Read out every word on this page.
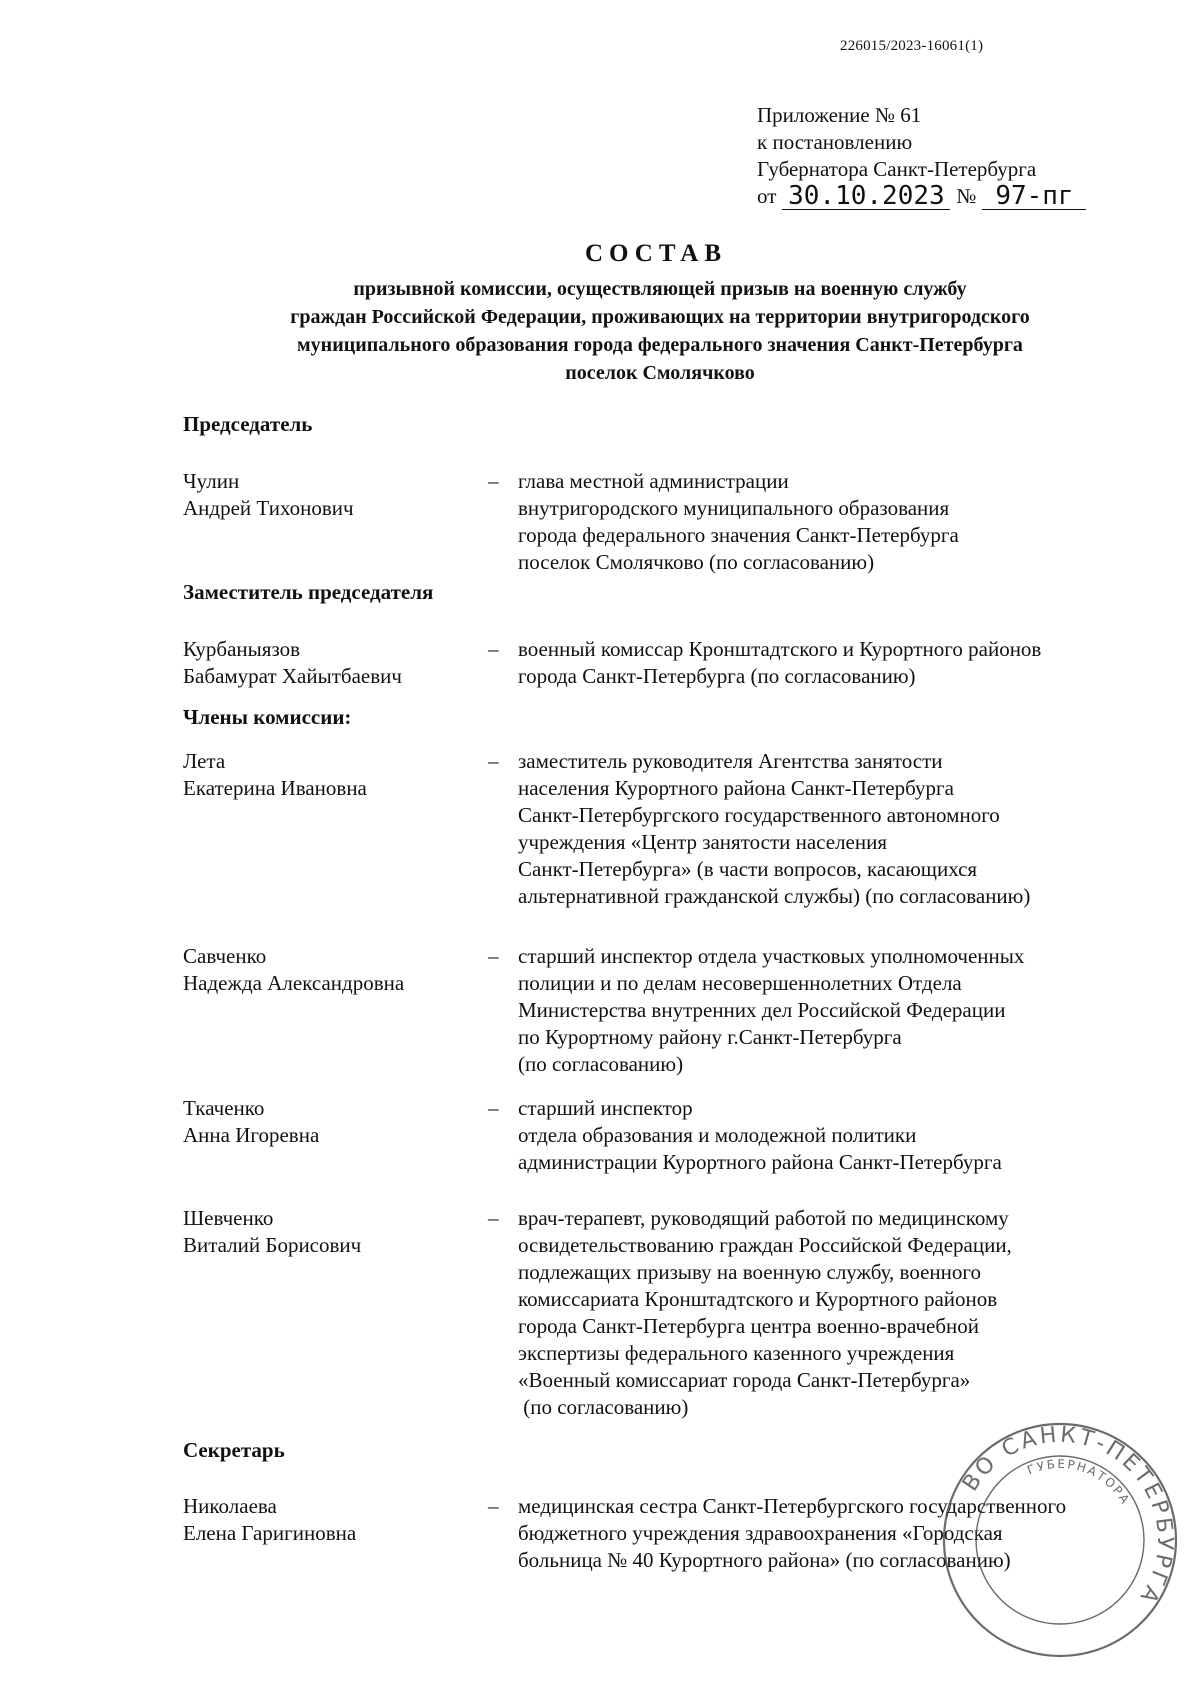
226015/2023-16061(1)
Приложение № 61
к постановлению
Губернатора Санкт-Петербурга
от 30.10.2023 № 97-пг
СОСТАВ
призывной комиссии, осуществляющей призыв на военную службу
граждан Российской Федерации, проживающих на территории внутригородского
муниципального образования города федерального значения Санкт-Петербурга
поселок Смолячково
Председатель
Чулин
Андрей Тихонович
– глава местной администрации
внутригородского муниципального образования
города федерального значения Санкт-Петербурга
поселок Смолячково (по согласованию)
Заместитель председателя
Курбаныязов
Бабамурат Хайытбаевич
– военный комиссар Кронштадтского и Курортного районов
города Санкт-Петербурга (по согласованию)
Члены комиссии:
Лета
Екатерина Ивановна
– заместитель руководителя Агентства занятости
населения Курортного района Санкт-Петербурга
Санкт-Петербургского государственного автономного
учреждения «Центр занятости населения
Санкт-Петербурга» (в части вопросов, касающихся
альтернативной гражданской службы) (по согласованию)
Савченко
Надежда Александровна
– старший инспектор отдела участковых уполномоченных
полиции и по делам несовершеннолетних Отдела
Министерства внутренних дел Российской Федерации
по Курортному району г.Санкт-Петербурга
(по согласованию)
Ткаченко
Анна Игоревна
– старший инспектор
отдела образования и молодежной политики
администрации Курортного района Санкт-Петербурга
Шевченко
Виталий Борисович
– врач-терапевт, руководящий работой по медицинскому
освидетельствованию граждан Российской Федерации,
подлежащих призыву на военную службу, военного
комиссариата Кронштадтского и Курортного районов
города Санкт-Петербурга центра военно-врачебной
экспертизы федерального казенного учреждения
«Военный комиссариат города Санкт-Петербурга»
(по согласованию)
Секретарь
Николаева
Елена Гаригиновна
– медицинская сестра Санкт-Петербургского государственного
бюджетного учреждения здравоохранения «Городская
больница № 40 Курортного района» (по согласованию)
ВО САНКТ-ПЕТЕРБУРГА
ГУБЕРНАТОРА
